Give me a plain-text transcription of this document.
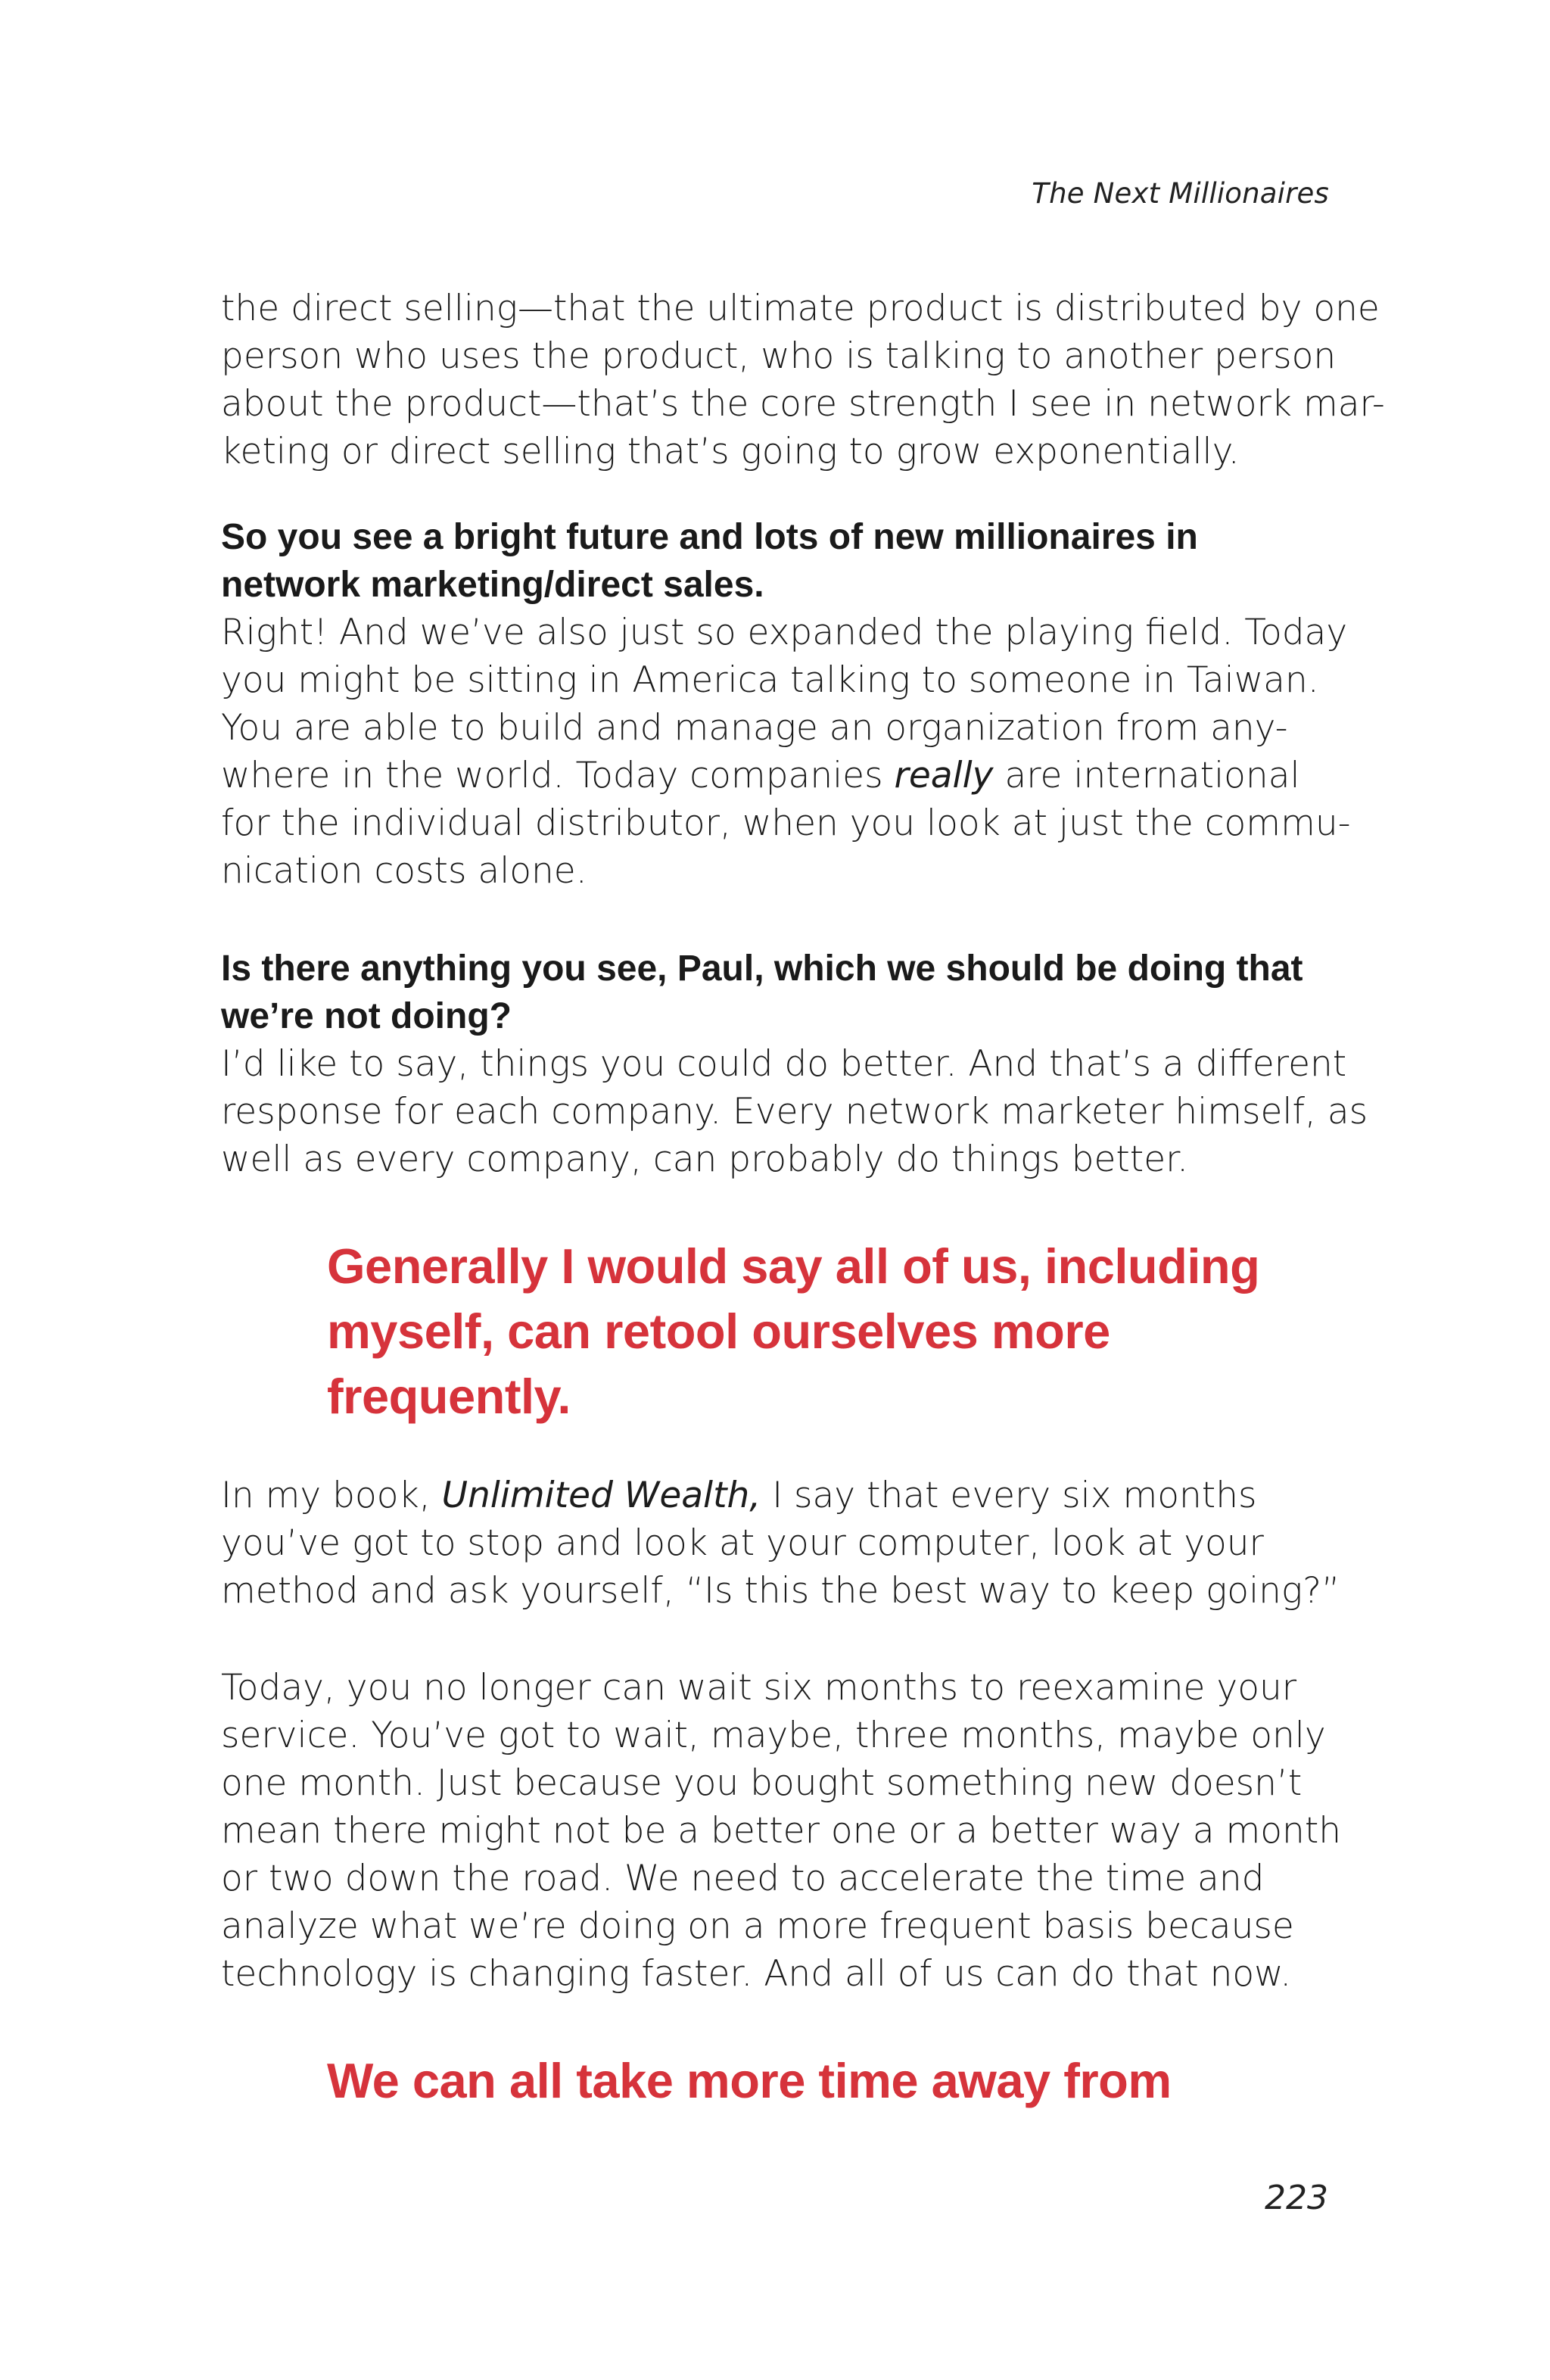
The Next Millionaires
the direct selling—that the ultimate product is distributed by one
person who uses the product, who is talking to another person
about the product—that’s the core strength I see in network mar-
keting or direct selling that’s going to grow exponentially.
So you see a bright future and lots of new millionaires in
network marketing/direct sales.
Right! And we’ve also just so expanded the playing field. Today
you might be sitting in America talking to someone in Taiwan.
You are able to build and manage an organization from any-
where in the world. Today companies really are international
for the individual distributor, when you look at just the commu-
nication costs alone.
Is there anything you see, Paul, which we should be doing that
we’re not doing?
I’d like to say, things you could do better. And that’s a different
response for each company. Every network marketer himself, as
well as every company, can probably do things better.
Generally I would say all of us, including
myself, can retool ourselves more
frequently.
In my book, Unlimited Wealth, I say that every six months
you’ve got to stop and look at your computer, look at your
method and ask yourself, “Is this the best way to keep going?”
Today, you no longer can wait six months to reexamine your
service. You’ve got to wait, maybe, three months, maybe only
one month. Just because you bought something new doesn’t
mean there might not be a better one or a better way a month
or two down the road. We need to accelerate the time and
analyze what we’re doing on a more frequent basis because
technology is changing faster. And all of us can do that now.
We can all take more time away from
223
